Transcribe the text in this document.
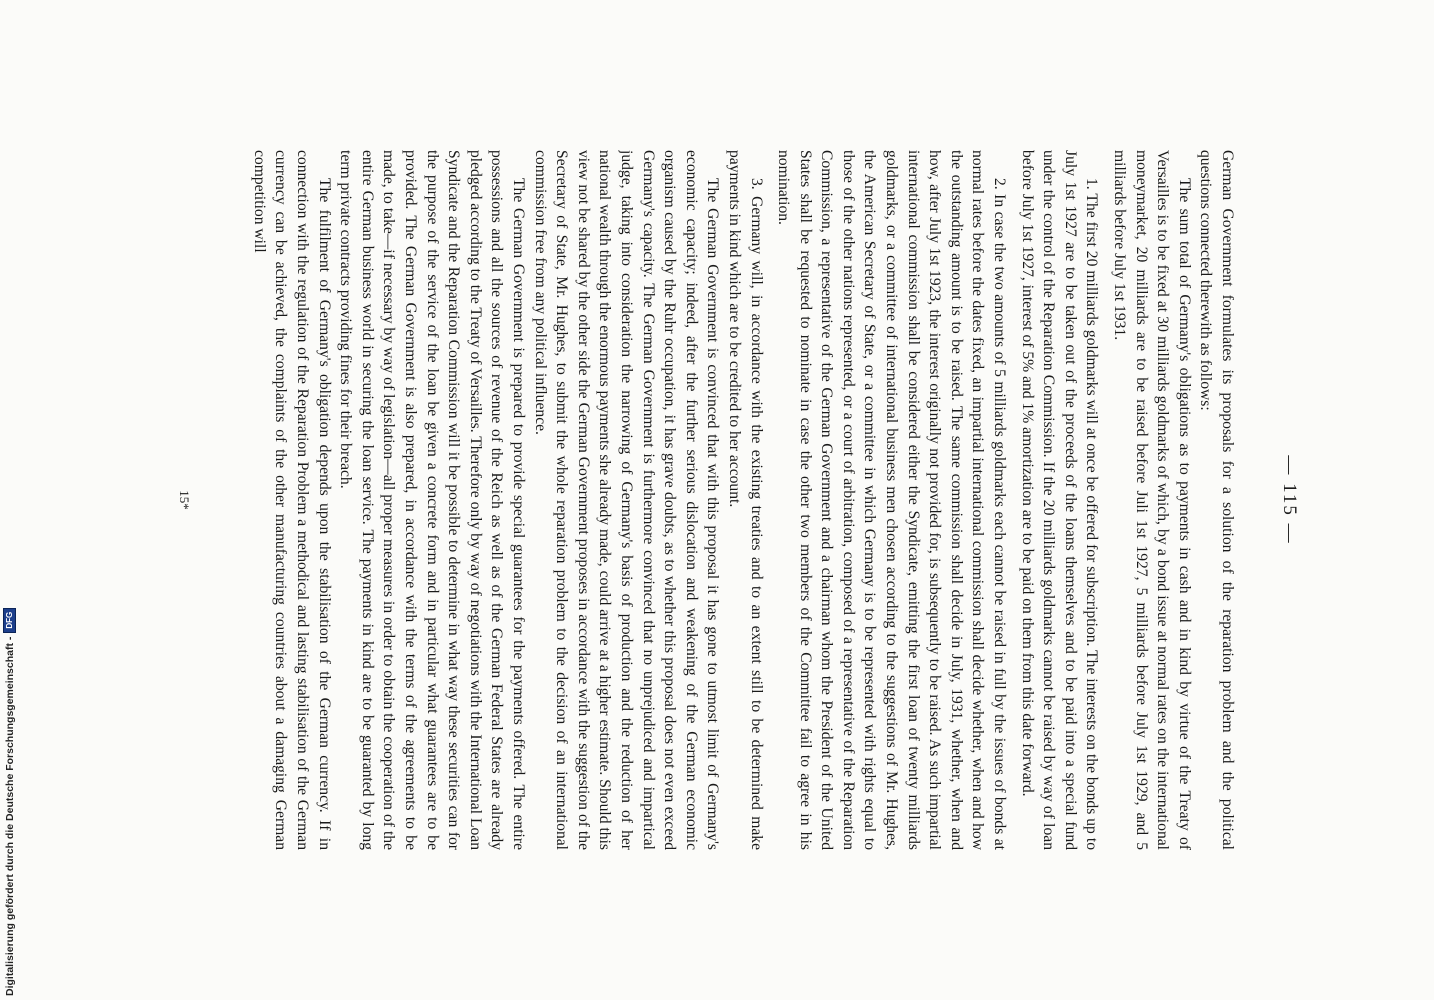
— 115 —

German Government formulates its proposals for a solution of the reparation problem and the political questions connected therewith as follows:

The sum total of Germany's obligations as to payments in cash and in kind by virtue of the Treaty of Versailles is to be fixed at 30 milliards goldmarks of which, by a bond issue at normal rates on the international moneymarket, 20 milliards are to be raised before Juli 1st 1927, 5 milliards before July 1st 1929, and 5 milliards before July 1st 1931.

1. The first 20 milliards goldmarks will at once be offered for subscription. The interests on the bonds up to July 1st 1927 are to be taken out of the proceeds of the loans themselves and to be paid into a special fund under the control of the Reparation Commission. If the 20 milliards goldmarks cannot be raised by way of loan before July 1st 1927, interest of 5% and 1% amortization are to be paid on them from this date forward.

2. In case the two amounts of 5 milliards goldmarks each cannot be raised in full by the issues of bonds at normal rates before the dates fixed, an impartial international commission shall decide whether, when and how the outstanding amount is to be raised. The same commission shall decide in July, 1931, whether, when and how, after July 1st 1923, the interest originally not provided for, is subsequently to be raised. As such impartial international commission shall be considered either the Syndicate, emitting the first loan of twenty milliards goldmarks, or a committee of international business men chosen according to the suggestions of Mr. Hughes, the American Secretary of State, or a committee in which Germany is to be represented with rights equal to those of the other nations represented, or a court of arbitration, composed of a representative of the Reparation Commission, a representative of the German Government and a chairman whom the President of the United States shall be requested to nominate in case the other two members of the Committee fail to agree in his nomination.

3. Germany will, in accordance with the existing treaties and to an extent still to be determined make payments in kind which are to be credited to her account.

The German Government is convinced that with this proposal it has gone to utmost limit of Germany's economic capacity; indeed, after the further serious dislocation and weakening of the German economic organism caused by the Ruhr occupation, it has grave doubts, as to whether this proposal does not even exceed Germany's capacity. The German Government is furthermore convinced that no unprejudiced and impartical judge, taking into consideration the narrowing of Germany's basis of production and the reduction of her national wealth through the enormous payments she already made, could arrive at a higher estimate. Should this view not be shared by the other side the German Government proposes in accordance with the suggestion of the Secretary of State, Mr. Hughes, to submit the whole reparation problem to the decision of an international commission free from any political influence.

The German Government is prepared to provide special guarantees for the payments offered. The entire possessions and all the sources of revenue of the Reich as well as of the German Federal States are already pledged according to the Treaty of Versailles. Therefore only by way of negotiations with the International Loan Syndicate and the Reparation Commission will it be possible to determine in what way these securities can for the purpose of the service of the loan be given a concrete form and in particular what guarantees are to be provided. The German Government is also prepared, in accordance with the terms of the agreements to be made, to take—if necessary by way of legislation—all proper measures in order to obtain the cooperation of the entire German business world in securing the loan service. The payments in kind are to be guaranted by long term private contracts providing fines for their breach.

The fulfilment of Germany's obligation depends upon the stabilisation of the German currency. If in connection with the regulation of the Reparation Problem a methodical and lasting stabilisation of the German currency can be achieved, the complaints of the other manufacturing countries about a damaging German competition will

15*
Digitalisierung gefördert durch die Deutsche Forschungsgemeinschaft -
DFG
